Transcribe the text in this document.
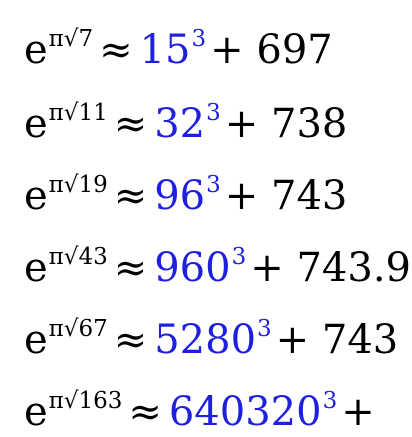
$e^{\pi√7} \approx 15^3 + 697$
$e^{\pi√11} \approx 32^3 + 738$
$e^{\pi√19} \approx 96^3 + 743$
$e^{\pi√43} \approx 960^3 + 743.9$
$e^{\pi√67} \approx 5280^3 + 743$
$e^{\pi√163} \approx 640320^3$ +
